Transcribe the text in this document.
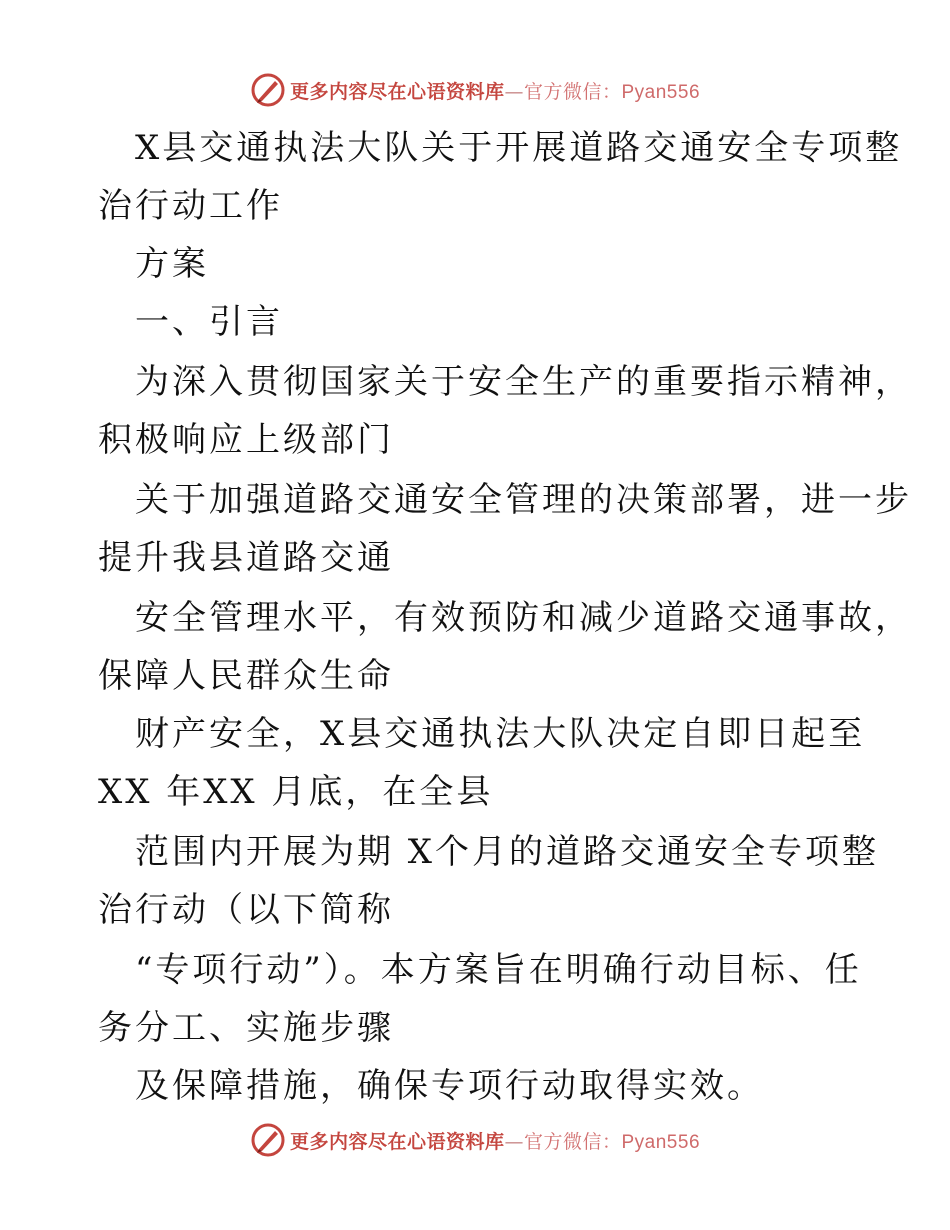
更多内容尽在心语资料库—官方微信：Pyan556
X县交通执法大队关于开展道路交通安全专项整
治行动工作
方案
一、引言
为深入贯彻国家关于安全生产的重要指示精神，
积极响应上级部门
关于加强道路交通安全管理的决策部署，进一步
提升我县道路交通
安全管理水平，有效预防和减少道路交通事故，
保障人民群众生命
财产安全，X县交通执法大队决定自即日起至
XX 年XX 月底，在全县
范围内开展为期 X个月的道路交通安全专项整
治行动（以下简称
“专项行动”）。本方案旨在明确行动目标、任
务分工、实施步骤
及保障措施，确保专项行动取得实效。
更多内容尽在心语资料库—官方微信：Pyan556
